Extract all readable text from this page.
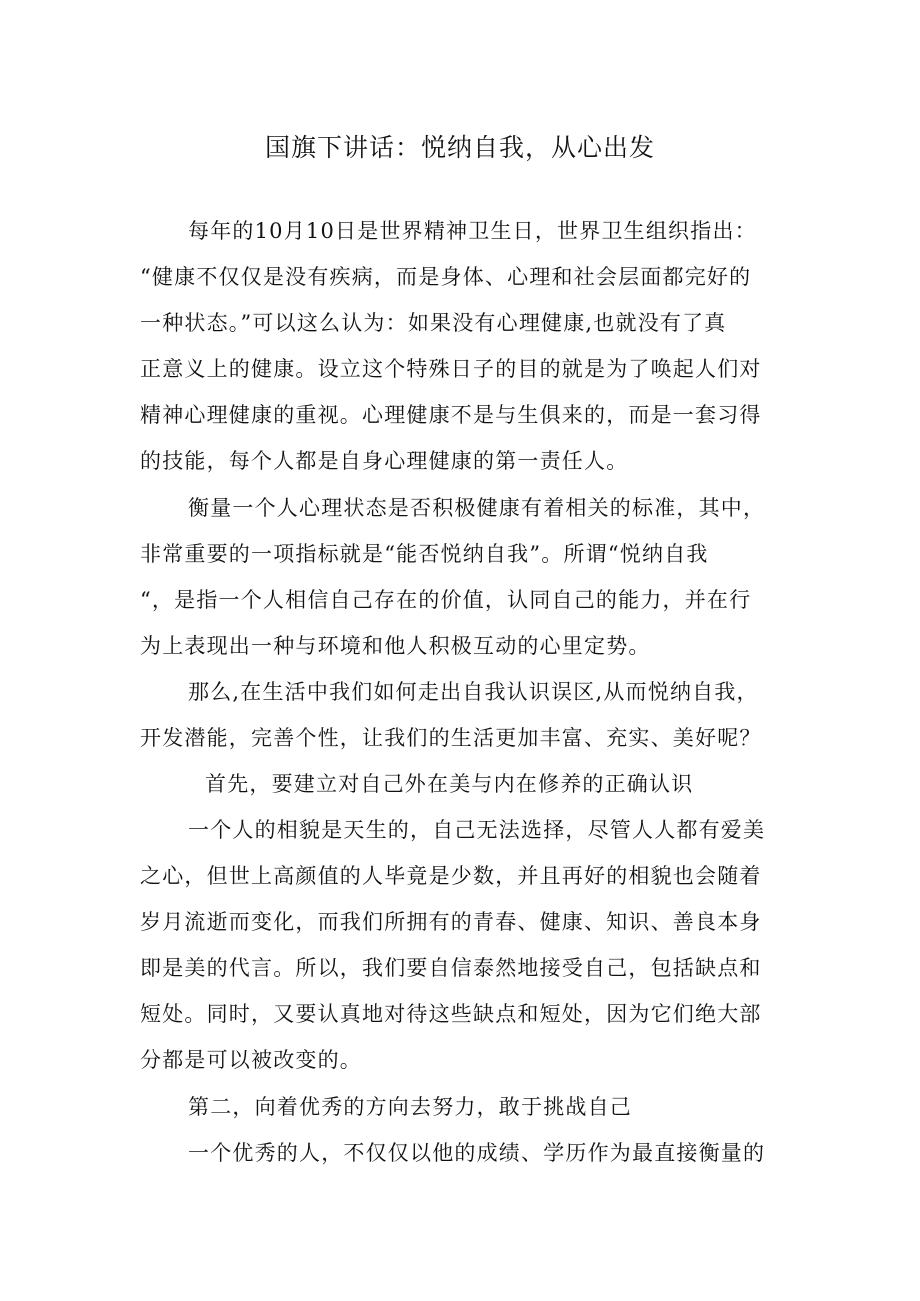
国旗下讲话：悦纳自我，从心出发
每年的10月10日是世界精神卫生日，世界卫生组织指出：
“健康不仅仅是没有疾病，而是身体、心理和社会层面都完好的
一种状态。”可以这么认为：如果没有心理健康,也就没有了真
正意义上的健康。设立这个特殊日子的目的就是为了唤起人们对
精神心理健康的重视。心理健康不是与生俱来的，而是一套习得
的技能，每个人都是自身心理健康的第一责任人。
衡量一个人心理状态是否积极健康有着相关的标准，其中，
非常重要的一项指标就是“能否悦纳自我”。所谓“悦纳自我
“，是指一个人相信自己存在的价值，认同自己的能力，并在行
为上表现出一种与环境和他人积极互动的心里定势。
那么,在生活中我们如何走出自我认识误区,从而悦纳自我，
开发潜能，完善个性，让我们的生活更加丰富、充实、美好呢？
首先，要建立对自己外在美与内在修养的正确认识
一个人的相貌是天生的，自己无法选择，尽管人人都有爱美
之心，但世上高颜值的人毕竟是少数，并且再好的相貌也会随着
岁月流逝而变化，而我们所拥有的青春、健康、知识、善良本身
即是美的代言。所以，我们要自信泰然地接受自己，包括缺点和
短处。同时，又要认真地对待这些缺点和短处，因为它们绝大部
分都是可以被改变的。
第二，向着优秀的方向去努力，敢于挑战自己
一个优秀的人，不仅仅以他的成绩、学历作为最直接衡量的
